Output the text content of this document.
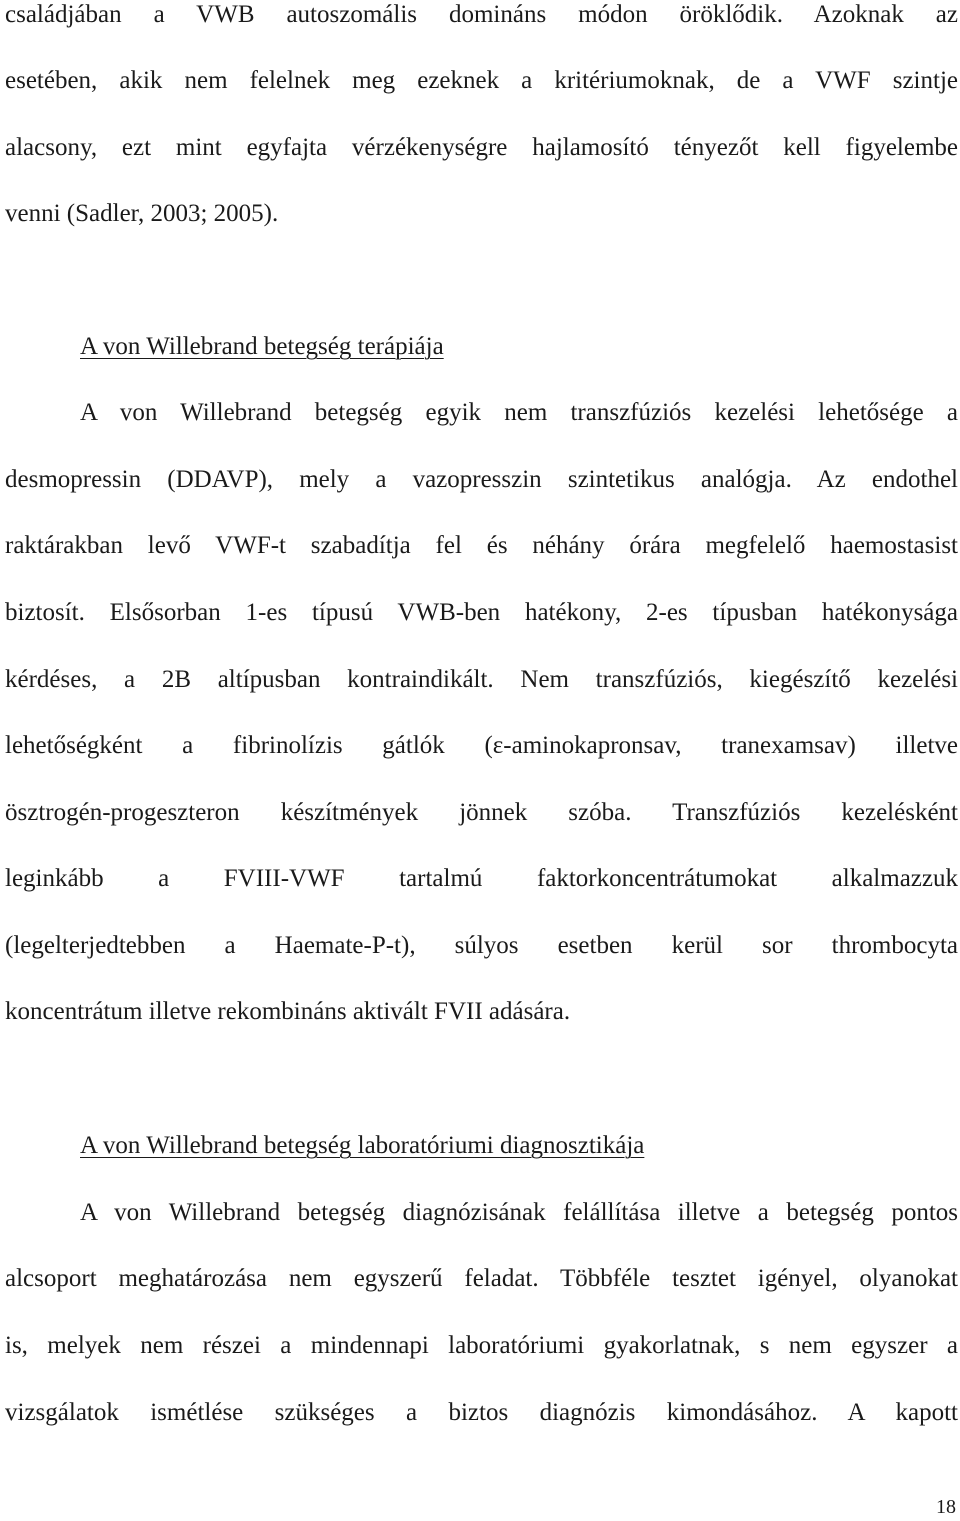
családjában a VWB autoszomális domináns módon öröklődik. Azoknak az
esetében, akik nem felelnek meg ezeknek a kritériumoknak, de a VWF szintje
alacsony, ezt mint egyfajta vérzékenységre hajlamosító tényezőt kell figyelembe
venni (Sadler, 2003; 2005).
A von Willebrand betegség terápiája
A von Willebrand betegség egyik nem transzfúziós kezelési lehetősége a
desmopressin (DDAVP), mely a vazopresszin szintetikus analógja. Az endothel
raktárakban levő VWF-t szabadítja fel és néhány órára megfelelő haemostasist
biztosít. Elsősorban 1-es típusú VWB-ben hatékony, 2-es típusban hatékonysága
kérdéses, a 2B altípusban kontraindikált. Nem transzfúziós, kiegészítő kezelési
lehetőségként a fibrinolízis gátlók (ε-aminokapronsav, tranexamsav) illetve
ösztrogén-progeszteron készítmények jönnek szóba. Transzfúziós kezelésként
leginkább a FVIII-VWF tartalmú faktorkoncentrátumokat alkalmazzuk
(legelterjedtebben a Haemate-P-t), súlyos esetben kerül sor thrombocyta
koncentrátum illetve rekombináns aktivált FVII adására.
A von Willebrand betegség laboratóriumi diagnosztikája
A von Willebrand betegség diagnózisának felállítása illetve a betegség pontos
alcsoport meghatározása nem egyszerű feladat. Többféle tesztet igényel, olyanokat
is, melyek nem részei a mindennapi laboratóriumi gyakorlatnak, s nem egyszer a
vizsgálatok ismétlése szükséges a biztos diagnózis kimondásához. A kapott
18
